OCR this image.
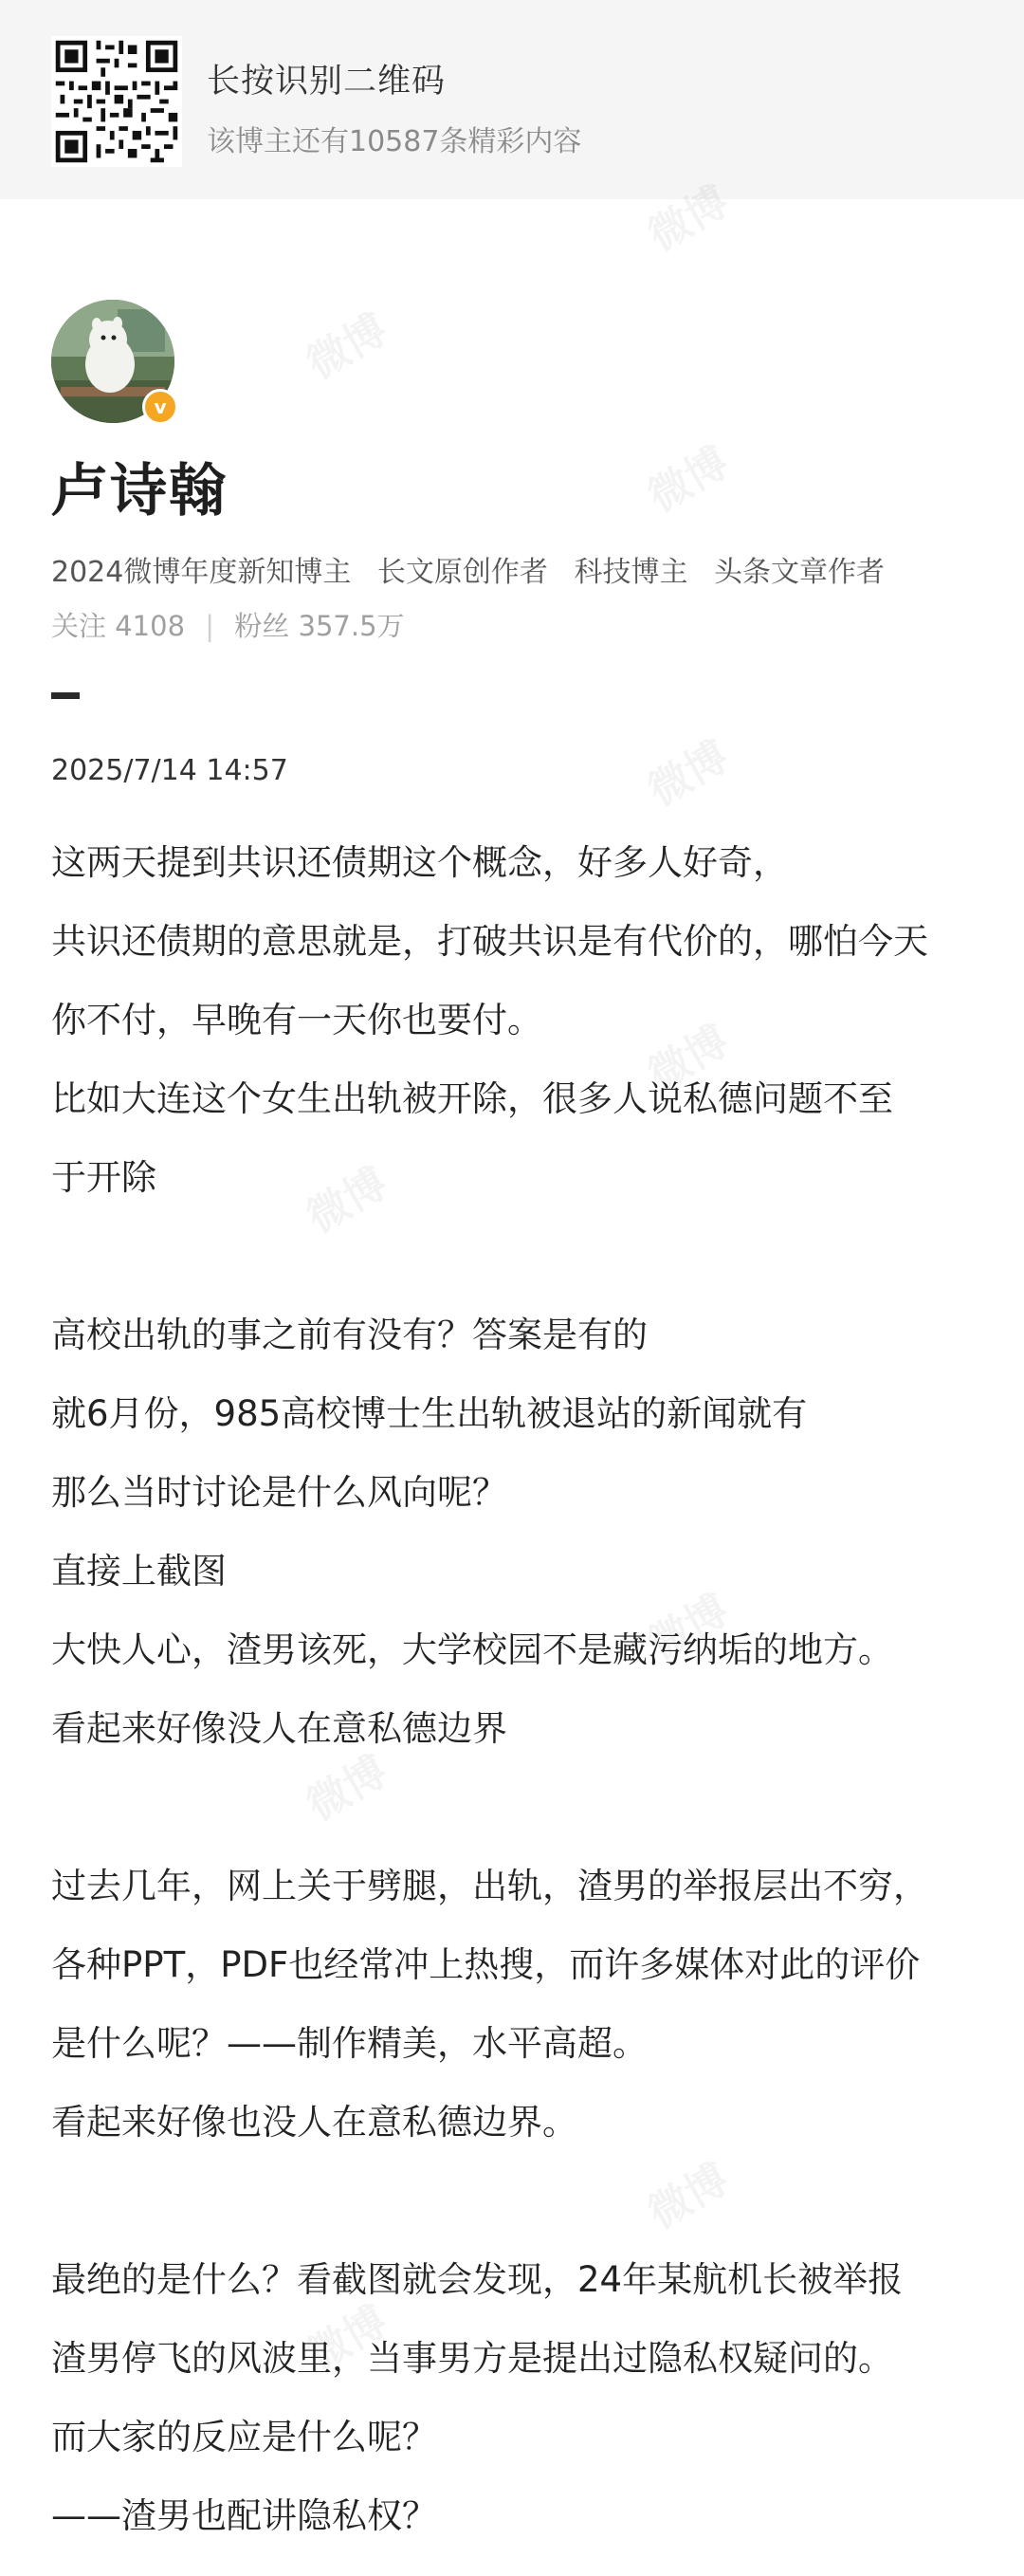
长按识别二维码
该博主还有10587条精彩内容
v
卢诗翰
2024微博年度新知博主 长文原创作者 科技博主 头条文章作者
关注 4108 | 粉丝 357.5万
2025/7/14 14:57

这两天提到共识还债期这个概念，好多人好奇，

共识还债期的意思就是，打破共识是有代价的，哪怕今天

你不付，早晚有一天你也要付。

比如大连这个女生出轨被开除，很多人说私德问题不至

于开除

高校出轨的事之前有没有？答案是有的

就6月份，985高校博士生出轨被退站的新闻就有

那么当时讨论是什么风向呢？

直接上截图

大快人心，渣男该死，大学校园不是藏污纳垢的地方。

看起来好像没人在意私德边界

过去几年，网上关于劈腿，出轨，渣男的举报层出不穷，

各种PPT，PDF也经常冲上热搜，而许多媒体对此的评价

是什么呢？——制作精美，水平高超。

看起来好像也没人在意私德边界。

最绝的是什么？看截图就会发现，24年某航机长被举报

渣男停飞的风波里，当事男方是提出过隐私权疑问的。

而大家的反应是什么呢？

——渣男也配讲隐私权？
